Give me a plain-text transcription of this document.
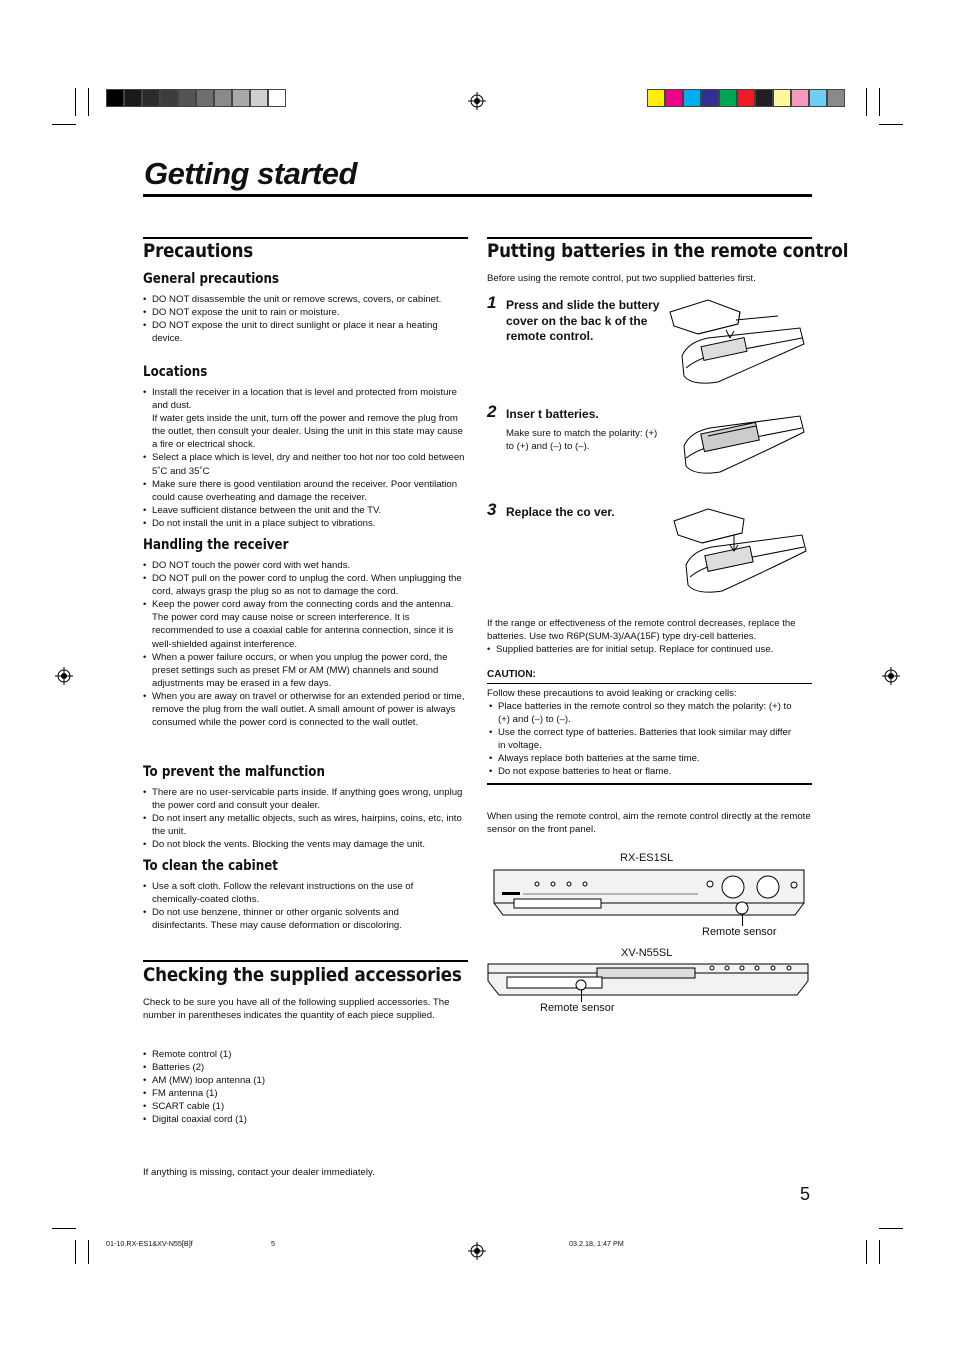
Getting started
Precautions
General precautions
• DO NOT disassemble the unit or remove screws, covers, or cabinet.
• DO NOT expose the unit to rain or moisture.
• DO NOT expose the unit to direct sunlight or place it near a heating device.
Locations
• Install the receiver in a location that is level and protected from moisture and dust.
If water gets inside the unit, turn off the power and remove the plug from the outlet, then consult your dealer. Using the unit in this state may cause a fire or electrical shock.
• Select a place which is level, dry and neither too hot nor too cold between 5˚C and 35˚C
• Make sure there is good ventilation around the receiver. Poor ventilation could cause overheating and damage the receiver.
• Leave sufficient distance between the unit and the TV.
• Do not install the unit in a place subject to vibrations.
Handling the receiver
• DO NOT touch the power cord with wet hands.
• DO NOT pull on the power cord to unplug the cord. When unplugging the cord, always grasp the plug so as not to damage the cord.
• Keep the power cord away from the connecting cords and the antenna. The power cord may cause noise or screen interference. It is recommended to use a coaxial cable for antenna connection, since it is well-shielded against interference.
• When a power failure occurs, or when you unplug the power cord, the preset settings such as preset FM or AM (MW) channels and sound adjustments may be erased in a few days.
• When you are away on travel or otherwise for an extended period or time, remove the plug from the wall outlet. A small amount of power is always consumed while the power cord is connected to the wall outlet.
To prevent the malfunction
• There are no user-servicable parts inside. If anything goes wrong, unplug the power cord and consult your dealer.
• Do not insert any metallic objects, such as wires, hairpins, coins, etc, into the unit.
• Do not block the vents. Blocking the vents may damage the unit.
To clean the cabinet
• Use a soft cloth. Follow the relevant instructions on the use of chemically-coated cloths.
• Do not use benzene, thinner or other organic solvents and disinfectants. These may cause deformation or discoloring.
Checking the supplied accessories

Check to be sure you have all of the following supplied accessories. The number in parentheses indicates the quantity of each piece supplied.

• Remote control (1)
• Batteries (2)
• AM (MW) loop antenna (1)
• FM antenna (1)
• SCART cable (1)
• Digital coaxial cord (1)

If anything is missing, contact your dealer immediately.

Putting batteries in the remote control

Before using the remote control, put two supplied batteries first.

1 Press and slide the buttery cover on the bac k of the remote control.
2 Inser t batteries.

Make sure to match the polarity: (+) to (+) and (–) to (–).

3 Replace the co ver.

If the range or effectiveness of the remote control decreases, replace the batteries. Use two R6P(SUM-3)/AA(15F) type dry-cell batteries.

• Supplied batteries are for initial setup. Replace for continued use.
CAUTION:

Follow these precautions to avoid leaking or cracking cells:

• Place batteries in the remote control so they match the polarity: (+) to (+) and (–) to (–).
• Use the correct type of batteries. Batteries that look similar may differ in voltage.
• Always replace both batteries at the same time.
• Do not expose batteries to heat or flame.

When using the remote control, aim the remote control directly at the remote sensor on the front panel.

RX-ES1SL
Remote sensor
XV-N55SL
Remote sensor
5
01-10.RX-ES1&XV-N55[B]f	5	03.2.18, 1:47 PM
